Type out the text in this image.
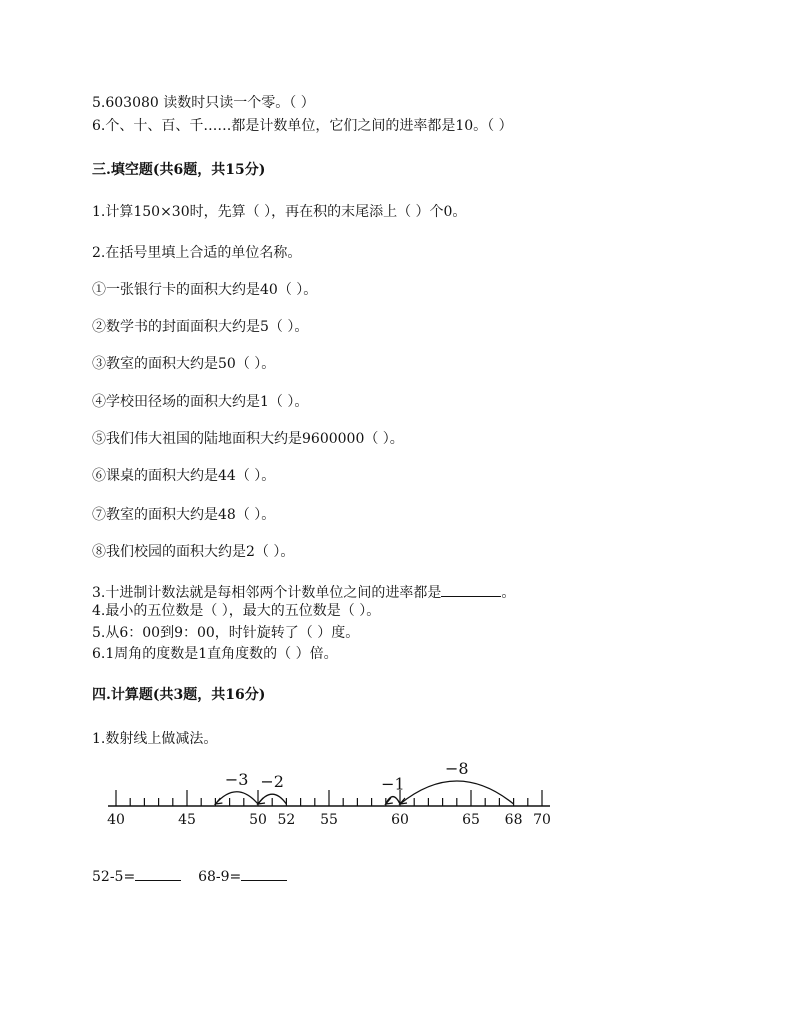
5.603080 读数时只读一个零。（ ）
6.个、十、百、千……都是计数单位，它们之间的进率都是10。（ ）
三.填空题(共6题，共15分)
1.计算150×30时，先算（ ），再在积的末尾添上（ ）个0。
2.在括号里填上合适的单位名称。
①一张银行卡的面积大约是40（ ）。
②数学书的封面面积大约是5（ ）。
③教室的面积大约是50（ ）。
④学校田径场的面积大约是1（ ）。
⑤我们伟大祖国的陆地面积大约是9600000（ ）。
⑥课桌的面积大约是44（ ）。
⑦教室的面积大约是48（ ）。
⑧我们校园的面积大约是2（ ）。
3.十进制计数法就是每相邻两个计数单位之间的进率都是	。
4.最小的五位数是（ ），最大的五位数是（ ）。
5.从6：00到9：00，时针旋转了（ ）度。
6.1周角的度数是1直角度数的（ ）倍。
四.计算题(共3题，共16分)
1.数射线上做减法。
40	45	50 52 55	60	65 68 70
−3 −2	−1
−8
52-5=	68-9=
